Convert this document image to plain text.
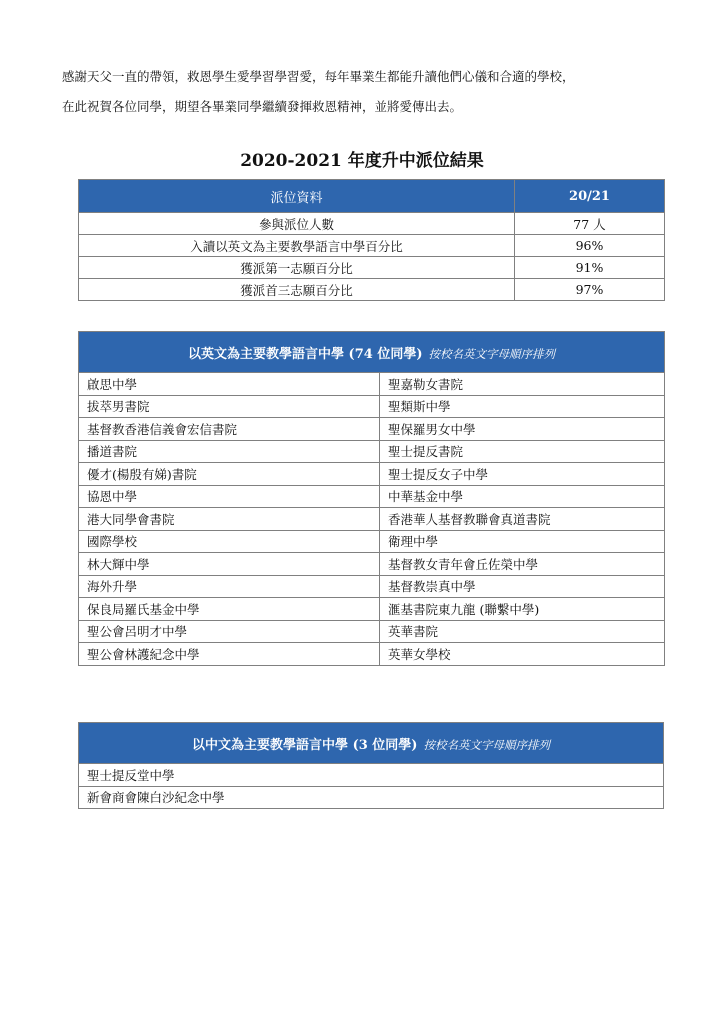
感謝天父一直的帶領，救恩學生愛學習學習愛，每年畢業生都能升讀他們心儀和合適的學校，

在此祝賀各位同學，期望各畢業同學繼續發揮救恩精神，並將愛傳出去。

2020-2021 年度升中派位結果
派位資料	20/21
參與派位人數	77 人
入讀以英文為主要教學語言中學百分比	96%
獲派第一志願百分比	91%
獲派首三志願百分比	97%
以英文為主要教學語言中學 (74 位同學) 按校名英文字母順序排列	
啟思中學	聖嘉勒女書院
拔萃男書院	聖類斯中學
基督教香港信義會宏信書院	聖保羅男女中學
播道書院	聖士提反書院
優才(楊殷有娣)書院	聖士提反女子中學
協恩中學	中華基金中學
港大同學會書院	香港華人基督教聯會真道書院
國際學校	衛理中學
林大輝中學	基督教女青年會丘佐榮中學
海外升學	基督教崇真中學
保良局羅氏基金中學	滙基書院東九龍 (聯繫中學)
聖公會呂明才中學	英華書院
聖公會林護紀念中學	英華女學校
以中文為主要教學語言中學 (3 位同學) 按校名英文字母順序排列
聖士提反堂中學
新會商會陳白沙紀念中學
